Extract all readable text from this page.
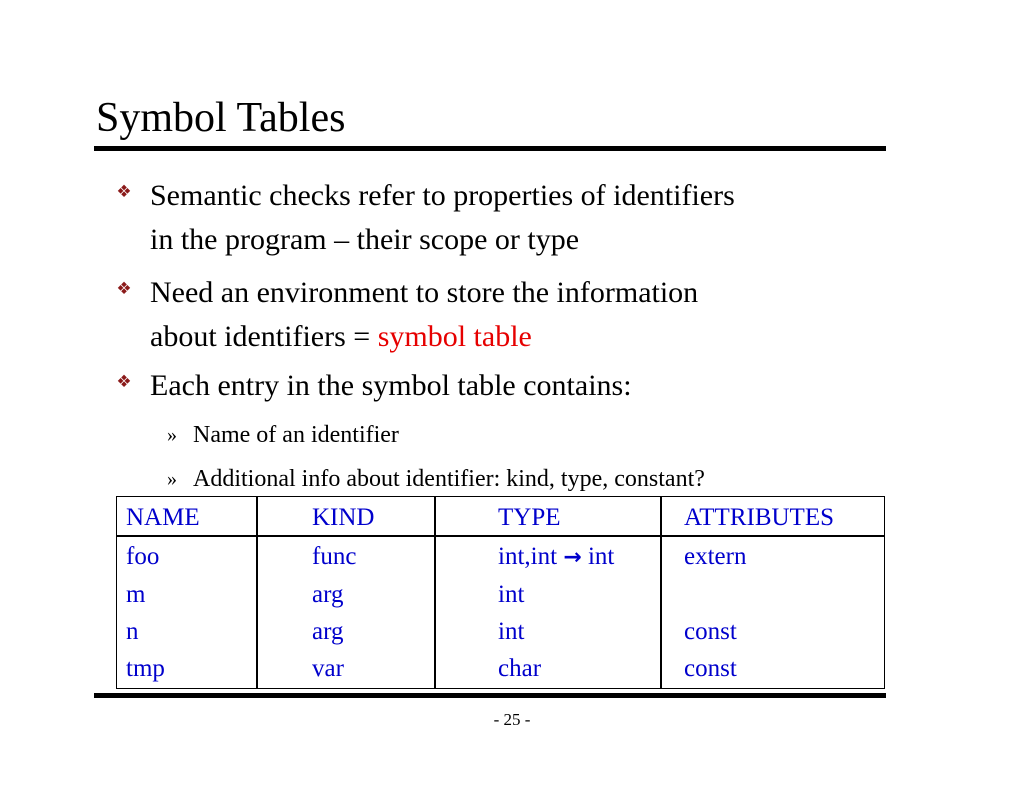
Symbol Tables
❖ Semantic checks refer to properties of identifiers
in the program – their scope or type
❖ Need an environment to store the information
about identifiers = symbol table
❖ Each entry in the symbol table contains:
» Name of an identifier
» Additional info about identifier: kind, type, constant?
NAME	KIND	TYPE	ATTRIBUTES
foo	func	int,int → int	extern
m	arg	int
n	arg	int	const
tmp	var	char	const
- 25 -
